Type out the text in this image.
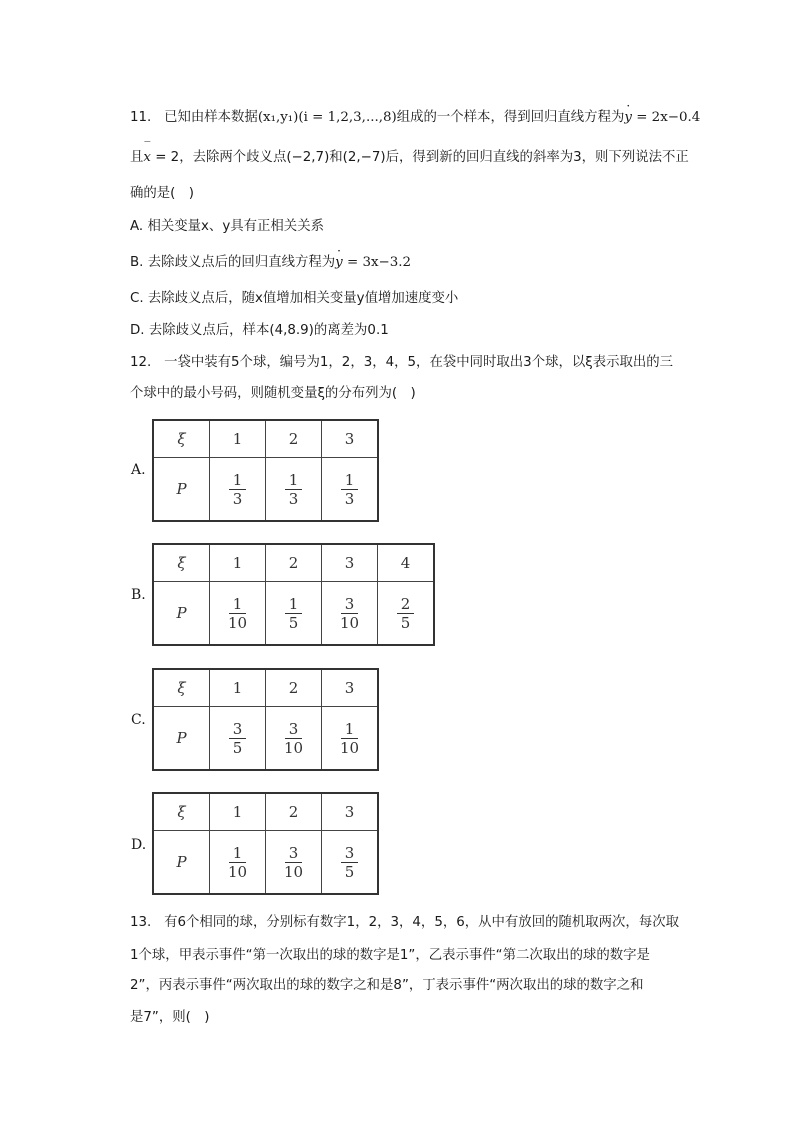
11. 已知由样本数据(x₁,y₁)(i = 1,2,3,...,8)组成的一个样本，得到回归直线方程为· y = 2x−0.4
且‾ x = 2，去除两个歧义点(−2,7)和(2,−7)后，得到新的回归直线的斜率为3，则下列说法不正
确的是(　)
A. 相关变量x、y具有正相关关系
B. 去除歧义点后的回归直线方程为· y = 3x−3.2
C. 去除歧义点后，随x值增加相关变量y值增加速度变小
D. 去除歧义点后，样本(4,8.9)的离差为0.1
12. 一袋中装有5个球，编号为1，2，3，4，5，在袋中同时取出3个球，以ξ表示取出的三
个球中的最小号码，则随机变量ξ的分布列为(　)
A.
ξ	1	2	3
P	$\frac{1}{3}$	$\frac{1}{3}$	$\frac{1}{3}$
B.
ξ	1	2	3	4
P	$\frac{1}{10}$	$\frac{1}{5}$	$\frac{3}{10}$	$\frac{2}{5}$
C.
ξ	1	2	3
P	$\frac{3}{5}$	$\frac{3}{10}$	$\frac{1}{10}$
D.
ξ	1	2	3
P	$\frac{1}{10}$	$\frac{3}{10}$	$\frac{3}{5}$
13. 有6个相同的球，分别标有数字1，2，3，4，5，6，从中有放回的随机取两次，每次取
1个球，甲表示事件“第一次取出的球的数字是1”，乙表示事件“第二次取出的球的数字是
2”，丙表示事件“两次取出的球的数字之和是8”，丁表示事件“两次取出的球的数字之和
是7”，则(　)
